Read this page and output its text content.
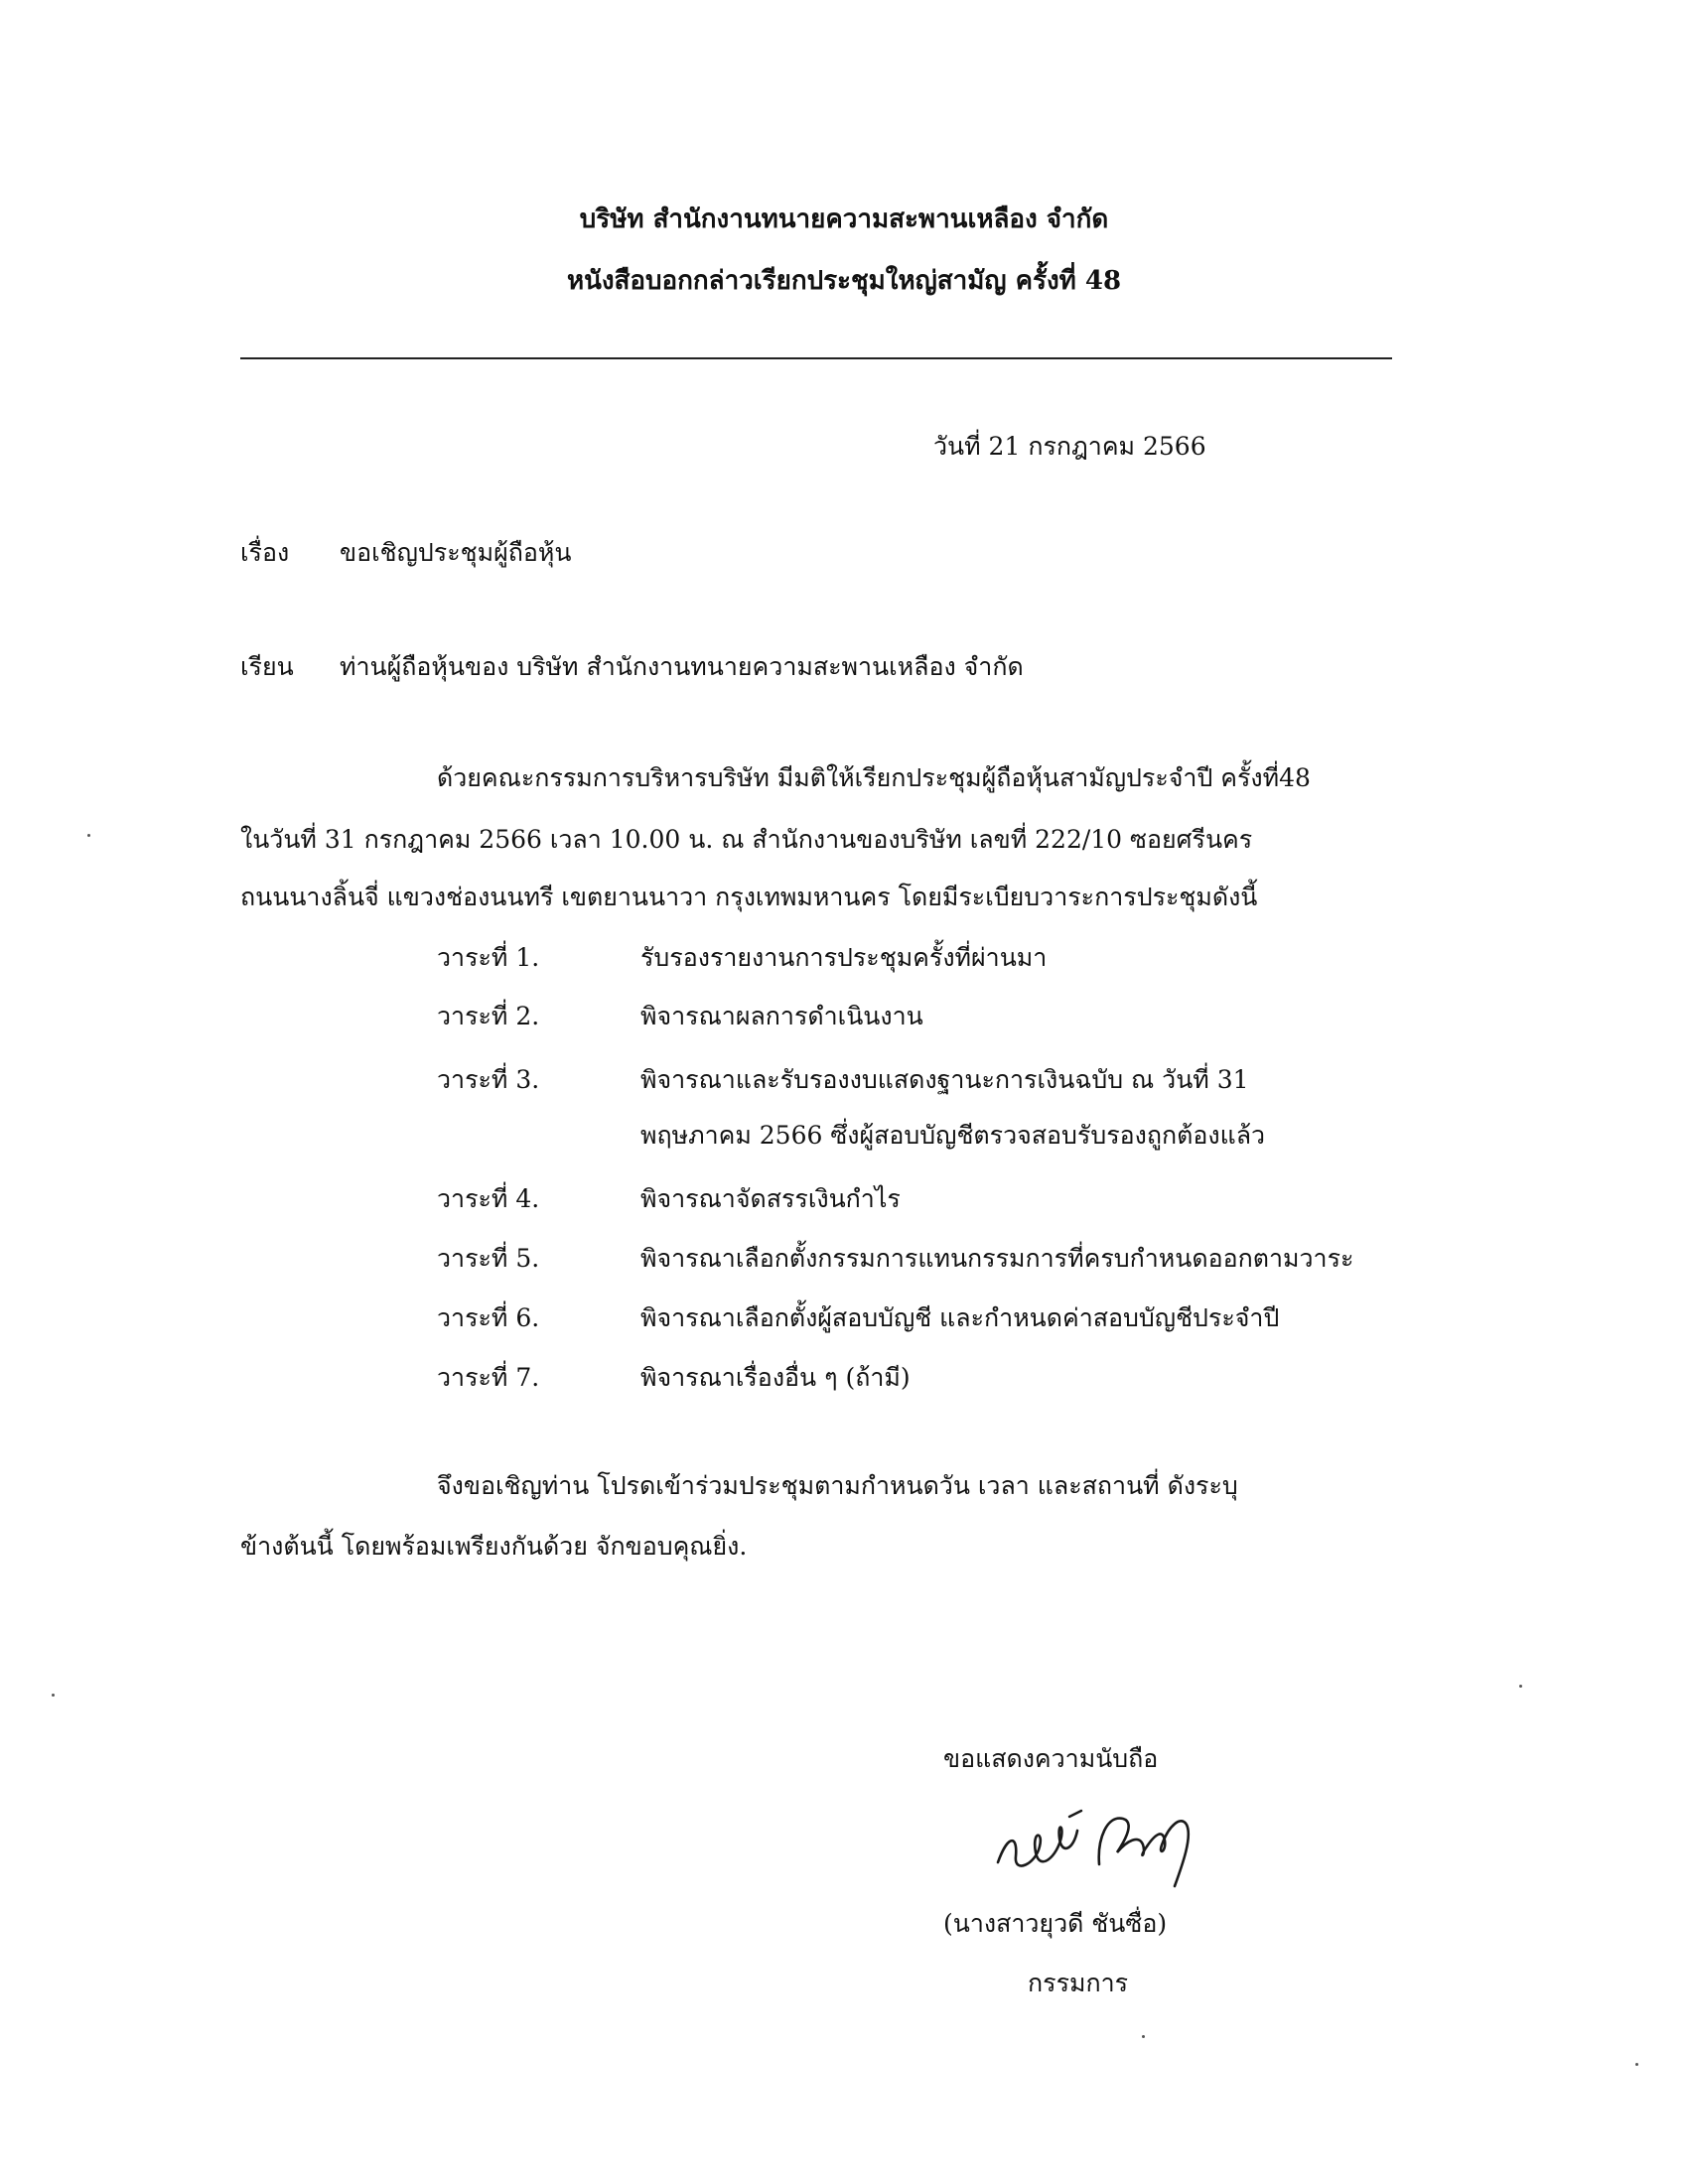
บริษัท สำนักงานทนายความสะพานเหลือง จำกัด
หนังสือบอกกล่าวเรียกประชุมใหญ่สามัญ ครั้งที่ 48
วันที่ 21 กรกฎาคม 2566
เรื่อง ขอเชิญประชุมผู้ถือหุ้น
เรียน ท่านผู้ถือหุ้นของ บริษัท สำนักงานทนายความสะพานเหลือง จำกัด
ด้วยคณะกรรมการบริหารบริษัท มีมติให้เรียกประชุมผู้ถือหุ้นสามัญประจำปี ครั้งที่48
ในวันที่ 31 กรกฎาคม 2566 เวลา 10.00 น. ณ สำนักงานของบริษัท เลขที่ 222/10 ซอยศรีนคร
ถนนนางลิ้นจี่ แขวงช่องนนทรี เขตยานนาวา กรุงเทพมหานคร โดยมีระเบียบวาระการประชุมดังนี้
วาระที่ 1.	รับรองรายงานการประชุมครั้งที่ผ่านมา
วาระที่ 2.	พิจารณาผลการดำเนินงาน
วาระที่ 3.	พิจารณาและรับรองงบแสดงฐานะการเงินฉบับ ณ วันที่ 31
พฤษภาคม 2566 ซึ่งผู้สอบบัญชีตรวจสอบรับรองถูกต้องแล้ว
วาระที่ 4.	พิจารณาจัดสรรเงินกำไร
วาระที่ 5.	พิจารณาเลือกตั้งกรรมการแทนกรรมการที่ครบกำหนดออกตามวาระ
วาระที่ 6.	พิจารณาเลือกตั้งผู้สอบบัญชี และกำหนดค่าสอบบัญชีประจำปี
วาระที่ 7.	พิจารณาเรื่องอื่น ๆ (ถ้ามี)
จึงขอเชิญท่าน โปรดเข้าร่วมประชุมตามกำหนดวัน เวลา และสถานที่ ดังระบุ
ข้างต้นนี้ โดยพร้อมเพรียงกันด้วย จักขอบคุณยิ่ง.
ขอแสดงความนับถือ
(นางสาวยุวดี ชันซื่อ)
กรรมการ
